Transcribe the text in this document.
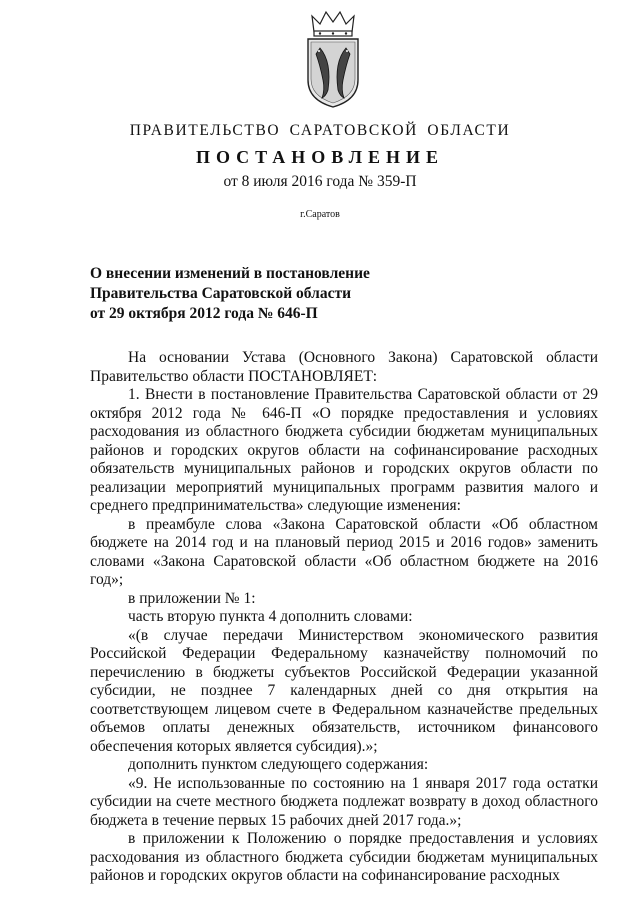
ПРАВИТЕЛЬСТВО САРАТОВСКОЙ ОБЛАСТИ
ПОСТАНОВЛЕНИЕ
от 8 июля 2016 года № 359-П
г.Саратов
О внесении изменений в постановление
Правительства Саратовской области
от 29 октября 2012 года № 646-П

На основании Устава (Основного Закона) Саратовской области Правительство области ПОСТАНОВЛЯЕТ:

1. Внести в постановление Правительства Саратовской области от 29 октября 2012 года № 646-П «О порядке предоставления и условиях расходования из областного бюджета субсидии бюджетам муниципальных районов и городских округов области на софинансирование расходных обязательств муниципальных районов и городских округов области по реализации мероприятий муниципальных программ развития малого и среднего предпринимательства» следующие изменения:

в преамбуле слова «Закона Саратовской области «Об областном бюджете на 2014 год и на плановый период 2015 и 2016 годов» заменить словами «Закона Саратовской области «Об областном бюджете на 2016 год»;

в приложении № 1:

часть вторую пункта 4 дополнить словами:

«(в случае передачи Министерством экономического развития Российской Федерации Федеральному казначейству полномочий по перечислению в бюджеты субъектов Российской Федерации указанной субсидии, не позднее 7 календарных дней со дня открытия на соответствующем лицевом счете в Федеральном казначействе предельных объемов оплаты денежных обязательств, источником финансового обеспечения которых является субсидия).»;

дополнить пунктом следующего содержания:

«9. Не использованные по состоянию на 1 января 2017 года остатки субсидии на счете местного бюджета подлежат возврату в доход областного бюджета в течение первых 15 рабочих дней 2017 года.»;

в приложении к Положению о порядке предоставления и условиях расходования из областного бюджета субсидии бюджетам муниципальных районов и городских округов области на софинансирование расходных
